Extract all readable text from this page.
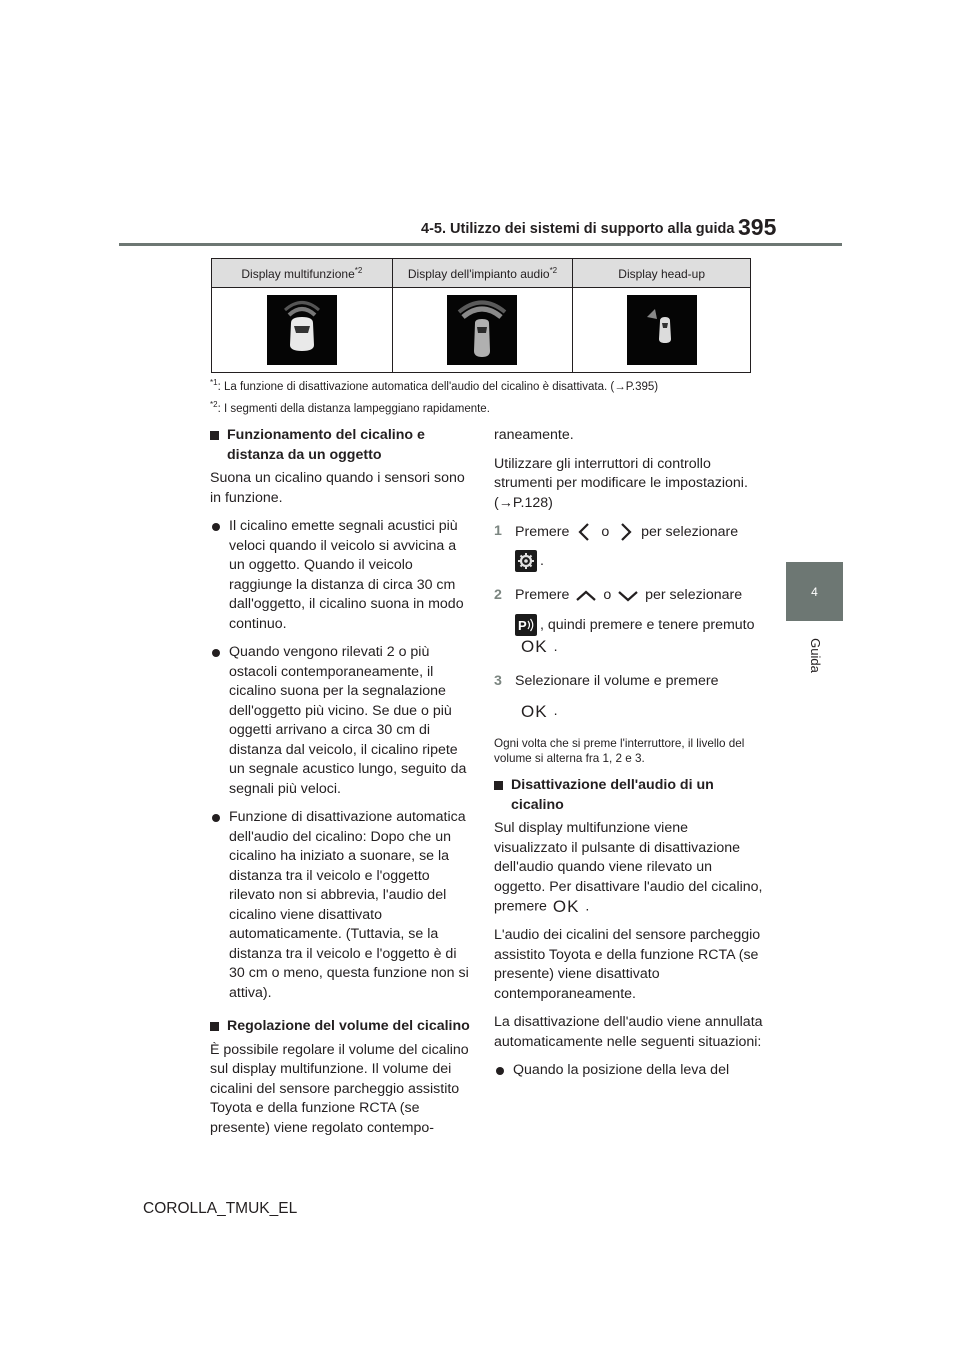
4-5. Utilizzo dei sistemi di supporto alla guida 395
4
Guida
Display multifunzione$^{*2}$	Display dell'impianto audio$^{*2}$	Display head-up

$^{*1}$: La funzione di disattivazione automatica dell'audio del cicalino è disattivata. (→P.395)
$^{*2}$: I segmenti della distanza lampeggiano rapidamente.
Funzionamento del cicalino e distanza da un oggetto
Suona un cicalino quando i sensori sono in funzione.
Il cicalino emette segnali acustici più veloci quando il veicolo si avvicina a un oggetto. Quando il veicolo raggiunge la distanza di circa 30 cm dall'oggetto, il cicalino suona in modo continuo.
Quando vengono rilevati 2 o più ostacoli contemporaneamente, il cicalino suona per la segnalazione dell'oggetto più vicino. Se due o più oggetti arrivano a circa 30 cm di distanza dal veicolo, il cicalino ripete un segnale acustico lungo, seguito da segnali più veloci.
Funzione di disattivazione automatica dell'audio del cicalino: Dopo che un cicalino ha iniziato a suonare, se la distanza tra il veicolo e l'oggetto rilevato non si abbrevia, l'audio del cicalino viene disattivato automaticamente. (Tuttavia, se la distanza tra il veicolo e l'oggetto è di 30 cm o meno, questa funzione non si attiva).
Regolazione del volume del cicalino
È possibile regolare il volume del cicalino sul display multifunzione. Il volume dei cicalini del sensore parcheggio assistito Toyota e della funzione RCTA (se presente) viene regolato contempo-
raneamente.
Utilizzare gli interruttori di controllo strumenti per modificare le impostazioni. (→P.128)
1 Premere o per selezionare
.
2 Premere o per selezionare
P , quindi premere e tenere premuto OK .
3 Selezionare il volume e premere
OK .
Ogni volta che si preme l'interruttore, il livello del volume si alterna fra 1, 2 e 3.
Disattivazione dell'audio di un cicalino
Sul display multifunzione viene visualizzato il pulsante di disattivazione dell'audio quando viene rilevato un oggetto. Per disattivare l'audio del cicalino, premere OK .
L'audio dei cicalini del sensore parcheggio assistito Toyota e della funzione RCTA (se presente) viene disattivato contemporaneamente.
La disattivazione dell'audio viene annullata automaticamente nelle seguenti situazioni:
Quando la posizione della leva del
COROLLA_TMUK_EL
